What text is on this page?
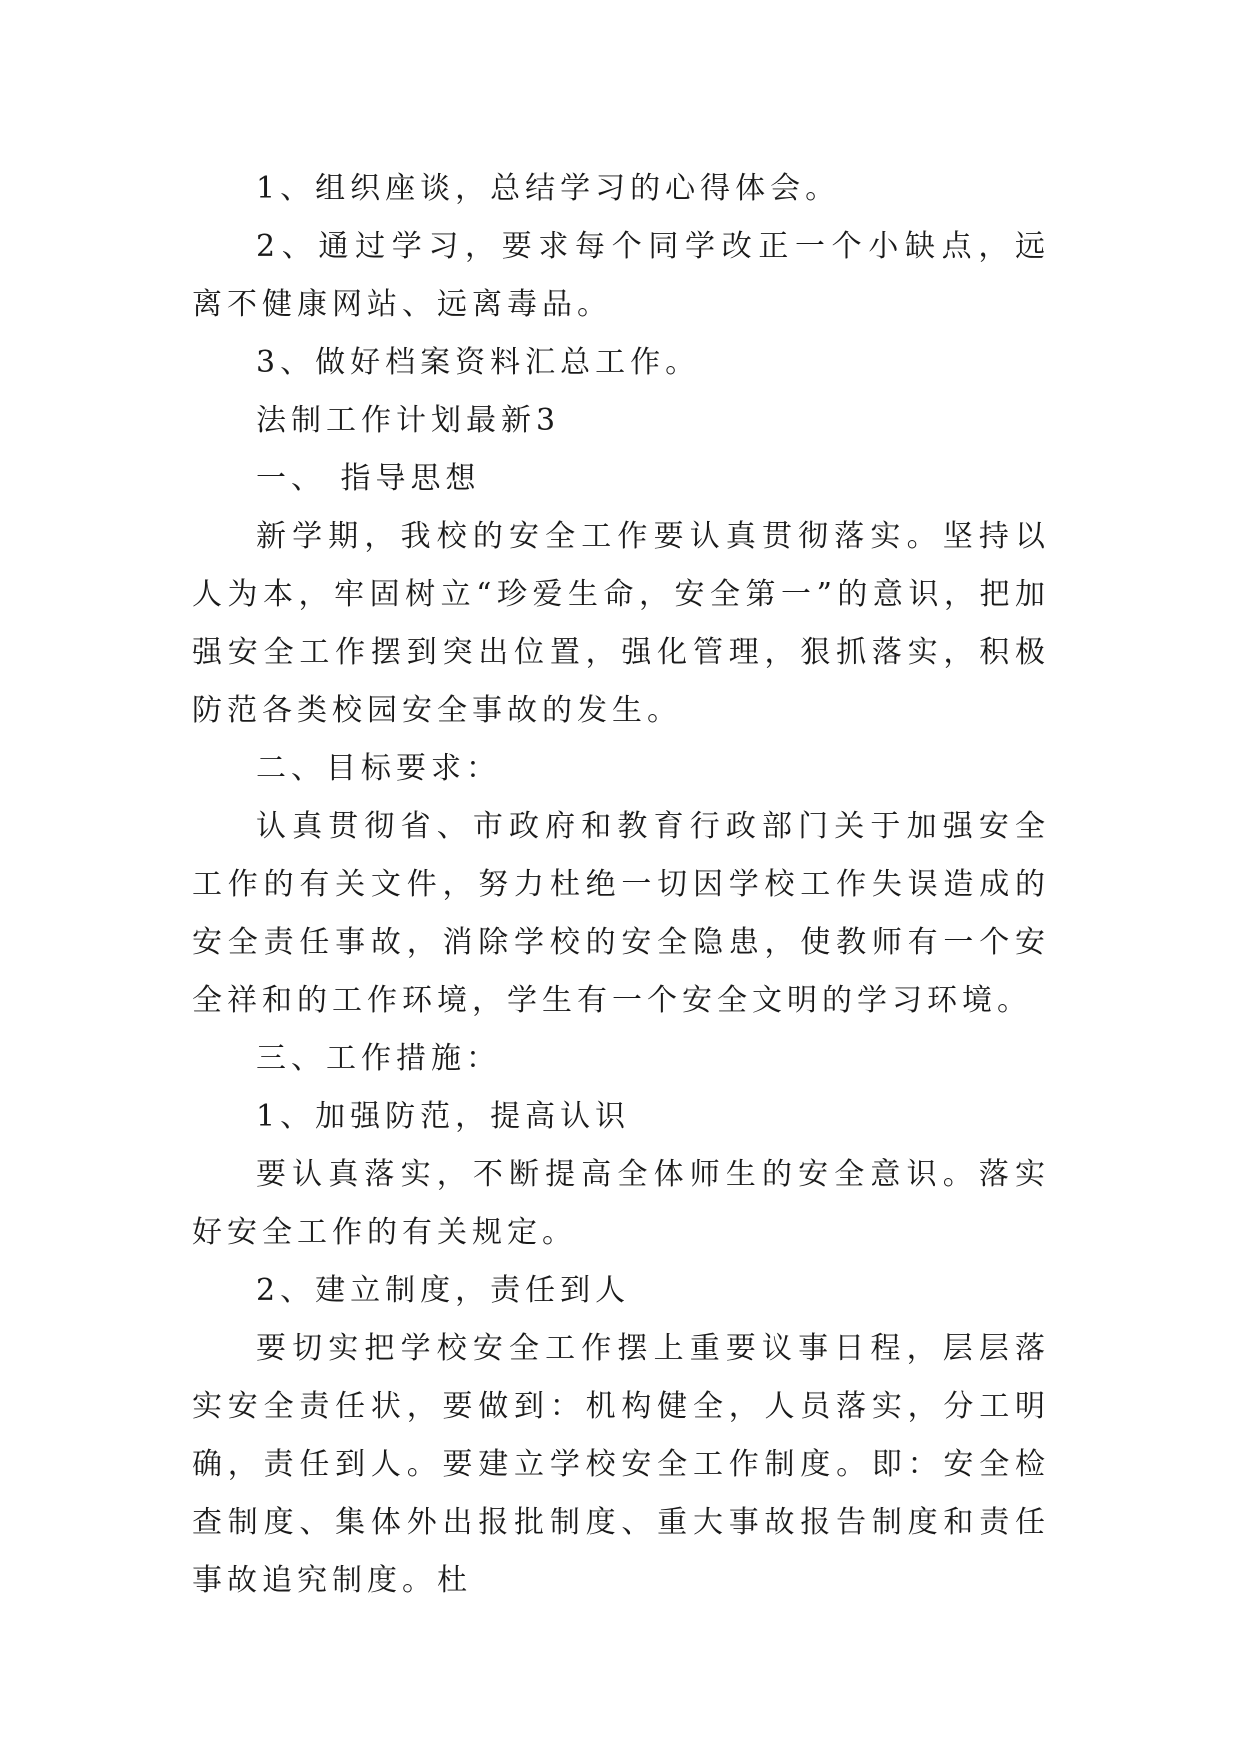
1、组织座谈，总结学习的心得体会。

2、通过学习，要求每个同学改正一个小缺点，远离不健康网站、远离毒品。

3、做好档案资料汇总工作。

法制工作计划最新3

一、 指导思想

新学期，我校的安全工作要认真贯彻落实。坚持以人为本，牢固树立“珍爱生命，安全第一”的意识，把加强安全工作摆到突出位置，强化管理，狠抓落实，积极防范各类校园安全事故的发生。

二、目标要求：

认真贯彻省、市政府和教育行政部门关于加强安全工作的有关文件，努力杜绝一切因学校工作失误造成的安全责任事故，消除学校的安全隐患，使教师有一个安全祥和的工作环境，学生有一个安全文明的学习环境。

三、工作措施：

1、加强防范，提高认识

要认真落实，不断提高全体师生的安全意识。落实好安全工作的有关规定。

2、建立制度，责任到人

要切实把学校安全工作摆上重要议事日程，层层落实安全责任状，要做到：机构健全，人员落实，分工明确，责任到人。要建立学校安全工作制度。即：安全检查制度、集体外出报批制度、重大事故报告制度和责任事故追究制度。杜
